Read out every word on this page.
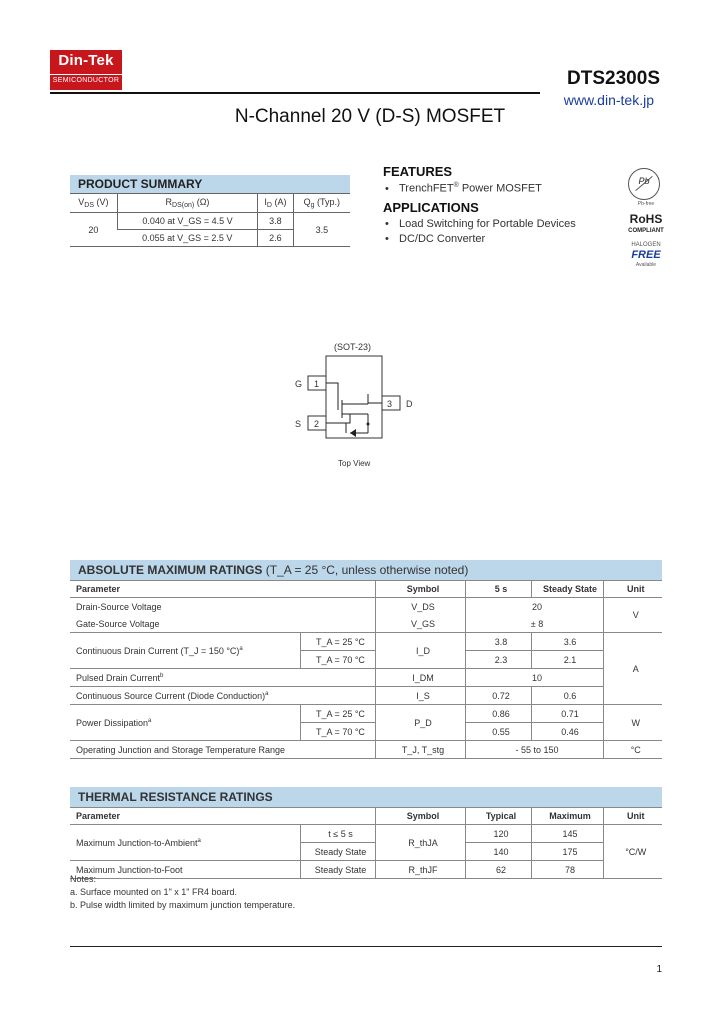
Din-Tek
SEMICONDUCTOR	DTS2300S
www.din-tek.jp
N-Channel 20 V (D-S) MOSFET
PRODUCT SUMMARY			
$V_{DS}$ (V)	$R_{DS(on)}$ (Ω)	$I_D$ (A)	$Q_g$ (Typ.)
20	0.040 at V_GS = 4.5 V	3.8	3.5
	0.055 at V_GS = 2.5 V	2.6	
FEATURES
• TrenchFET® Power MOSFET
APPLICATIONS
• Load Switching for Portable Devices
• DC/DC Converter
Pb
Pb-free
RoHS
COMPLIANT
HALOGEN
FREE
Available
(SOT-23)
1
2
3
G
S
D
Top View
ABSOLUTE MAXIMUM RATINGS (T_A = 25 °C, unless otherwise noted)					
Parameter		Symbol	5 s	Steady State	Unit
Drain-Source Voltage		V_DS	20		V
Gate-Source Voltage		V_GS	± 8		
Continuous Drain Current (T_J = 150 °C)$^a$	T_A = 25 °C	I_D	3.8	3.6	A
	T_A = 70 °C		2.3	2.1	
Pulsed Drain Current$^b$		I_DM	10		
Continuous Source Current (Diode Conduction)$^a$		I_S	0.72	0.6	
Power Dissipation$^a$	T_A = 25 °C	P_D	0.86	0.71	W
	T_A = 70 °C		0.55	0.46	
Operating Junction and Storage Temperature Range		T_J, T_stg	- 55 to 150		°C
THERMAL RESISTANCE RATINGS					
Parameter		Symbol	Typical	Maximum	Unit
Maximum Junction-to-Ambient$^a$	t ≤ 5 s	R_thJA	120	145	°C/W
	Steady State		140	175	
Maximum Junction-to-Foot	Steady State	R_thJF	62	78	
Notes:
a. Surface mounted on 1" x 1" FR4 board.
b. Pulse width limited by maximum junction temperature.
1
